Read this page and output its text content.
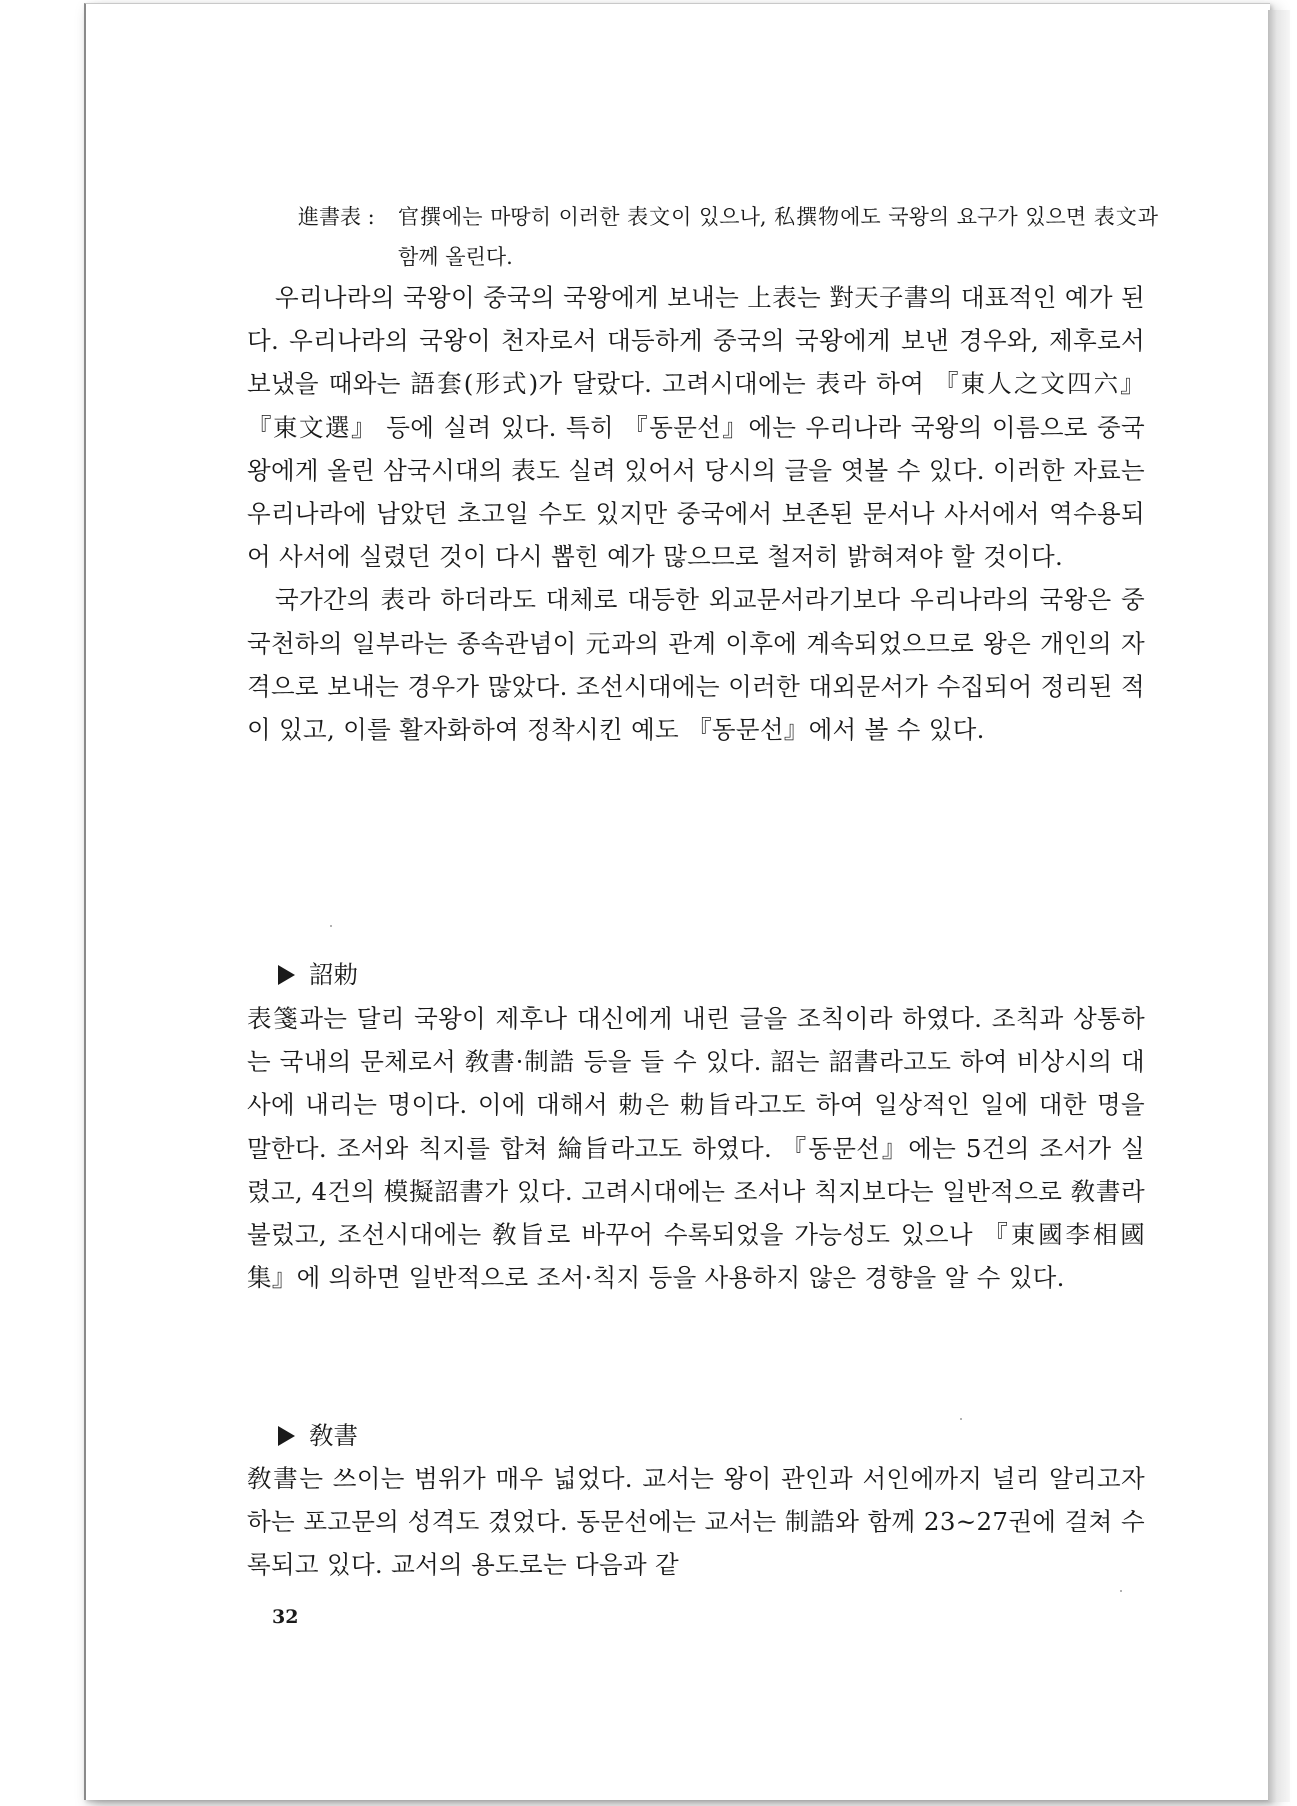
進書表 :	官撰에는 마땅히 이러한 表文이 있으나, 私撰物에도 국왕의 요구가 있으면 表文과 함께 올린다.

우리나라의 국왕이 중국의 국왕에게 보내는 上表는 對天子書의 대표적인 예가 된다. 우리나라의 국왕이 천자로서 대등하게 중국의 국왕에게 보낸 경우와, 제후로서 보냈을 때와는 語套(形式)가 달랐다. 고려시대에는 表라 하여 『東人之文四六』 『東文選』 등에 실려 있다. 특히 『동문선』에는 우리나라 국왕의 이름으로 중국왕에게 올린 삼국시대의 表도 실려 있어서 당시의 글을 엿볼 수 있다. 이러한 자료는 우리나라에 남았던 초고일 수도 있지만 중국에서 보존된 문서나 사서에서 역수용되어 사서에 실렸던 것이 다시 뽑힌 예가 많으므로 철저히 밝혀져야 할 것이다.

국가간의 表라 하더라도 대체로 대등한 외교문서라기보다 우리나라의 국왕은 중국천하의 일부라는 종속관념이 元과의 관계 이후에 계속되었으므로 왕은 개인의 자격으로 보내는 경우가 많았다. 조선시대에는 이러한 대외문서가 수집되어 정리된 적이 있고, 이를 활자화하여 정착시킨 예도 『동문선』에서 볼 수 있다.

詔勅

表箋과는 달리 국왕이 제후나 대신에게 내린 글을 조칙이라 하였다. 조칙과 상통하는 국내의 문체로서 敎書·制誥 등을 들 수 있다. 詔는 詔書라고도 하여 비상시의 대사에 내리는 명이다. 이에 대해서 勅은 勅旨라고도 하여 일상적인 일에 대한 명을 말한다. 조서와 칙지를 합쳐 綸旨라고도 하였다. 『동문선』에는 5건의 조서가 실렸고, 4건의 模擬詔書가 있다. 고려시대에는 조서나 칙지보다는 일반적으로 敎書라 불렀고, 조선시대에는 敎旨로 바꾸어 수록되었을 가능성도 있으나 『東國李相國集』에 의하면 일반적으로 조서·칙지 등을 사용하지 않은 경향을 알 수 있다.

敎書

敎書는 쓰이는 범위가 매우 넓었다. 교서는 왕이 관인과 서인에까지 널리 알리고자 하는 포고문의 성격도 겼었다. 동문선에는 교서는 制誥와 함께 23~27권에 걸쳐 수록되고 있다. 교서의 용도로는 다음과 같

32
